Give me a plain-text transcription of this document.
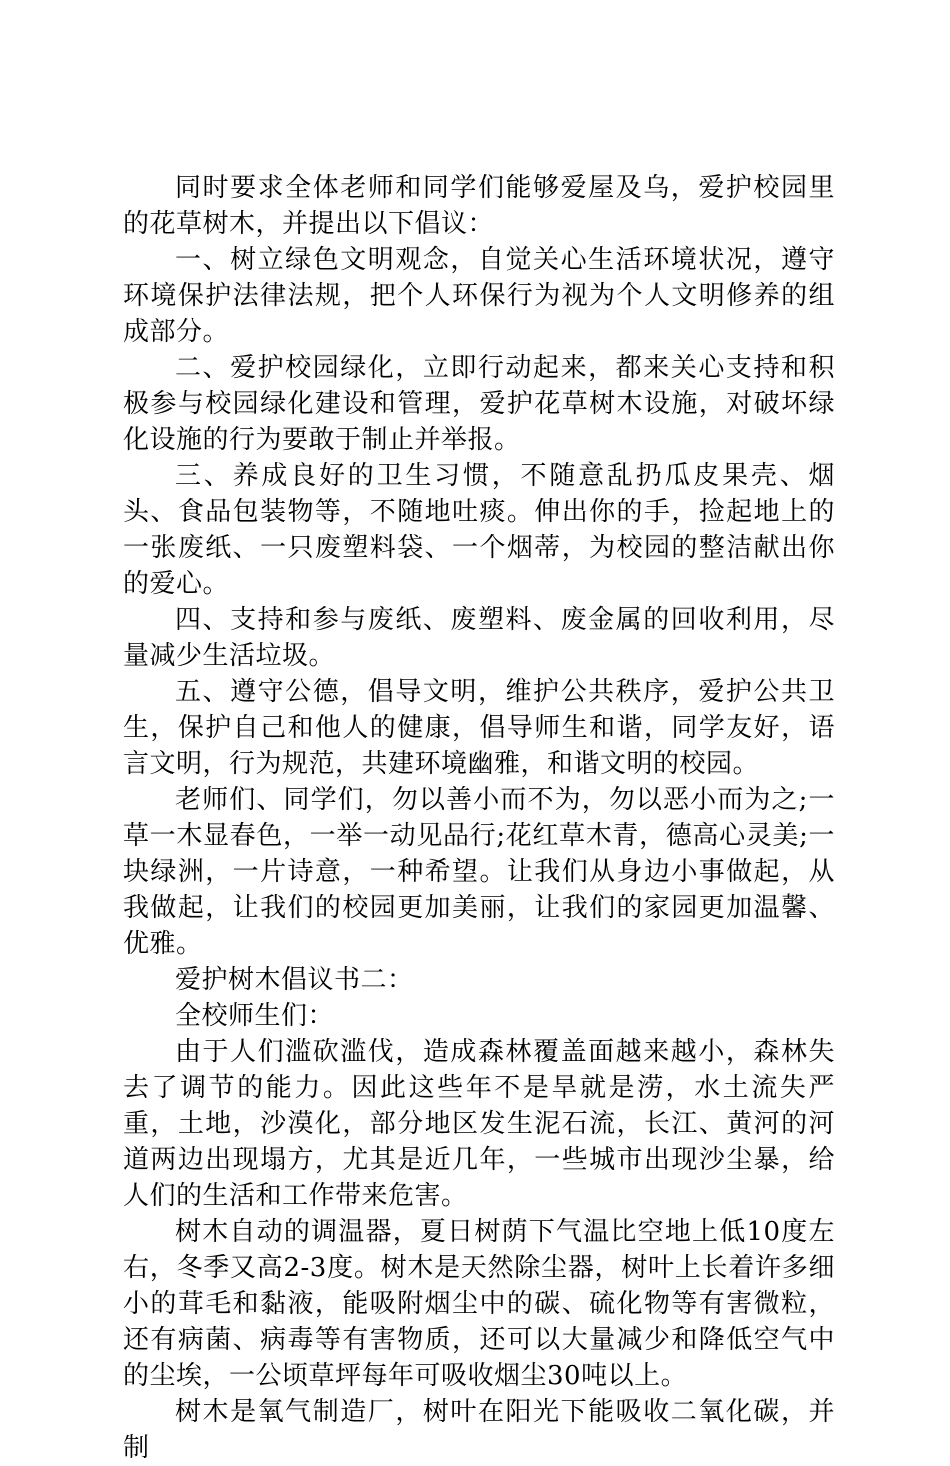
同时要求全体老师和同学们能够爱屋及乌，爱护校园里的花草树木，并提出以下倡议：

一、树立绿色文明观念，自觉关心生活环境状况，遵守环境保护法律法规，把个人环保行为视为个人文明修养的组成部分。

二、爱护校园绿化，立即行动起来，都来关心支持和积极参与校园绿化建设和管理，爱护花草树木设施，对破坏绿化设施的行为要敢于制止并举报。

三、养成良好的卫生习惯，不随意乱扔瓜皮果壳、烟头、食品包装物等，不随地吐痰。伸出你的手，捡起地上的一张废纸、一只废塑料袋、一个烟蒂，为校园的整洁献出你的爱心。

四、支持和参与废纸、废塑料、废金属的回收利用，尽量减少生活垃圾。

五、遵守公德，倡导文明，维护公共秩序，爱护公共卫生，保护自己和他人的健康，倡导师生和谐，同学友好，语言文明，行为规范，共建环境幽雅，和谐文明的校园。

老师们、同学们，勿以善小而不为，勿以恶小而为之;一草一木显春色，一举一动见品行;花红草木青，德高心灵美;一块绿洲，一片诗意，一种希望。让我们从身边小事做起，从我做起，让我们的校园更加美丽，让我们的家园更加温馨、优雅。

爱护树木倡议书二：

全校师生们：

由于人们滥砍滥伐，造成森林覆盖面越来越小，森林失去了调节的能力。因此这些年不是旱就是涝，水土流失严重，土地，沙漠化，部分地区发生泥石流，长江、黄河的河道两边出现塌方，尤其是近几年，一些城市出现沙尘暴，给人们的生活和工作带来危害。

树木自动的调温器，夏日树荫下气温比空地上低10度左右，冬季又高2-3度。树木是天然除尘器，树叶上长着许多细小的茸毛和黏液，能吸附烟尘中的碳、硫化物等有害微粒，还有病菌、病毒等有害物质，还可以大量减少和降低空气中的尘埃，一公顷草坪每年可吸收烟尘30吨以上。

树木是氧气制造厂，树叶在阳光下能吸收二氧化碳，并制
